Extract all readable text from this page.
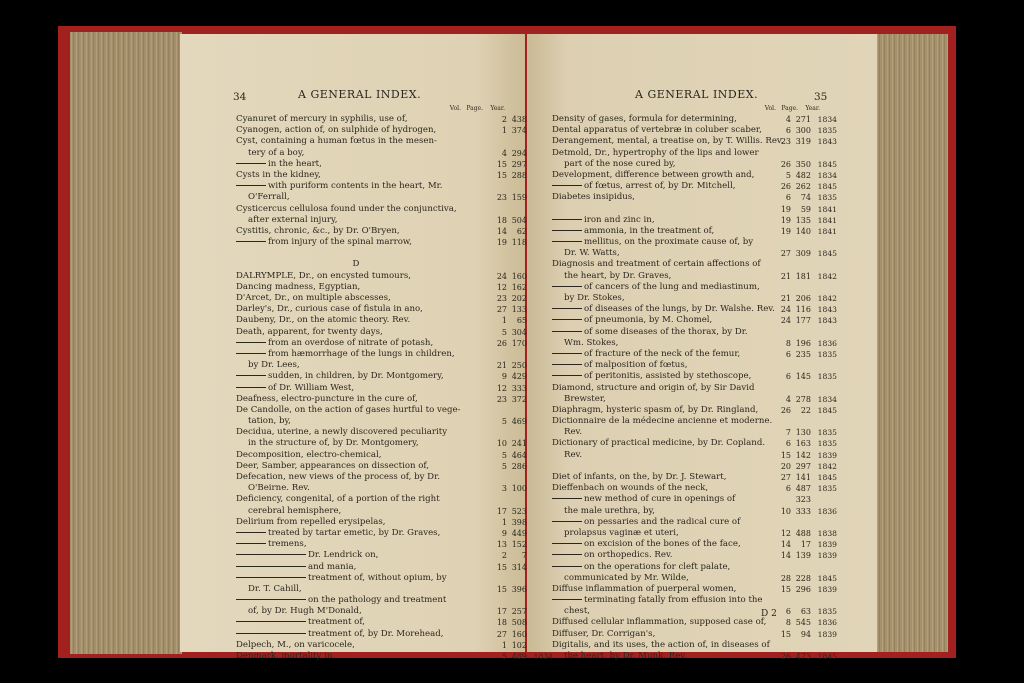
34	A GENERAL INDEX.
Vol. Page. Year.
Cyanuret of mercury in syphilis, use of,	2 438
Cyanogen, action of, on sulphide of hydrogen,	1 374
Cyst, containing a human fœtus in the mesen-
tery of a boy,	4 294
in the heart,	15 297
Cysts in the kidney,	15 288
with puriform contents in the heart, Mr.
O'Ferrall,	23 159
Cysticercus cellulosa found under the conjunctiva,
after external injury,	18 504
Cystitis, chronic, &c., by Dr. O'Bryen,	14	62
from injury of the spinal marrow,	19 118
D
DALRYMPLE, Dr., on encysted tumours,	24 160
Dancing madness, Egyptian,	12 162
D'Arcet, Dr., on multiple abscesses,	23 202
Darley's, Dr., curious case of fistula in ano,	27 133
Daubeny, Dr., on the atomic theory. Rev.	1	65
Death, apparent, for twenty days,	5 304
from an overdose of nitrate of potash,	26 170
from hæmorrhage of the lungs in children,
by Dr. Lees,	21 250
sudden, in children, by Dr. Montgomery,	9 429
of Dr. William West,	12 333
Deafness, electro-puncture in the cure of,	23 372
De Candolle, on the action of gases hurtful to vege-
tation, by,	5 469
Decidua, uterine, a newly discovered peculiarity
in the structure of, by Dr. Montgomery,	10 241
Decomposition, electro-chemical,	5 464
Deer, Samber, appearances on dissection of,	5 286
Defecation, new views of the process of, by Dr.
O'Beirne. Rev.	3 100
Deficiency, congenital, of a portion of the right
cerebral hemisphere,	17 523
Delirium from repelled erysipelas,	1 398
treated by tartar emetic, by Dr. Graves,	9 449
tremens,	13 152
Dr. Lendrick on,	2	7
and mania,	15 314
treatment of, without opium, by
Dr. T. Cahill,	15 396
on the pathology and treatment
of, by Dr. Hugh M'Donald,	17 257
treatment of,	18 508
treatment of, by Dr. Morehead,	27 160
Delpech, M., on varicocele,	1 102
Denmark, mortality in,	5 489 1834
A GENERAL INDEX.	35
Vol. Page. Year.
Density of gases, formula for determining,	4 271 1834
Dental apparatus of vertebræ in coluber scaber,	6 300 1835
Derangement, mental, a treatise on, by T. Willis. Rev.
23 319 1843
Detmold, Dr., hypertrophy of the lips and lower
part of the nose cured by,	26 350 1845
Development, difference between growth and,	5 482 1834
of fœtus, arrest of, by Dr. Mitchell,	26 262 1845
Diabetes insipidus,	6	74 1835
19	59 1841
iron and zinc in,	19 135 1841
ammonia, in the treatment of,	19 140 1841
mellitus, on the proximate cause of, by
Dr. W. Watts,	27 309 1845
Diagnosis and treatment of certain affections of
the heart, by Dr. Graves,	21 181 1842
of cancers of the lung and mediastinum,
by Dr. Stokes,	21 206 1842
of diseases of the lungs, by Dr. Walshe. Rev. 24 116 1843
of pneumonia, by M. Chomel,	24 177 1843
of some diseases of the thorax, by Dr.
Wm. Stokes,	8 196 1836
of fracture of the neck of the femur,	6 235 1835
of malposition of fœtus,
of peritonitis, assisted by stethoscope,	6 145 1835
Diamond, structure and origin of, by Sir David
Brewster,	4 278 1834
Diaphragm, hysteric spasm of, by Dr. Ringland,	26	22 1845
Dictionnaire de la médecine ancienne et moderne.
Rev.	7 130 1835
Dictionary of practical medicine, by Dr. Copland.	6 163 1835
Rev.	15 142 1839
20 297 1842
Diet of infants, on the, by Dr. J. Stewart,	27 141 1845
Dieffenbach on wounds of the neck,	6 487 1835
new method of cure in openings of	323
the male urethra, by,	10 333 1836
on pessaries and the radical cure of
prolapsus vaginæ et uteri,	12 488 1838
on excision of the bones of the face,	14	17 1839
on orthopedics. Rev.	14 139 1839
on the operations for cleft palate,
communicated by Mr. Wilde,	28 228 1845
Diffuse inflammation of puerperal women,	15 296 1839
terminating fatally from effusion into the
chest,	6	63 1835
Diffused cellular inflammation, supposed case of,	8 545 1836
Diffuser, Dr. Corrigan's,	15	94 1839
Digitalis, and its uses, the action of, in diseases of
the heart, by Dr. Munk. Rev.	26 473 1845
D 2
